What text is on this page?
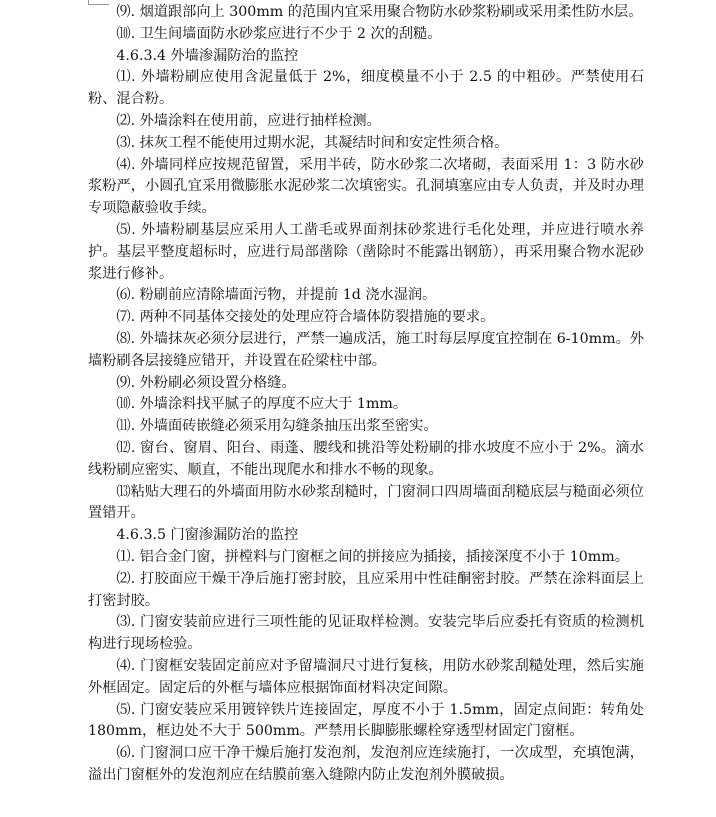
⑼. 烟道跟部向上 300mm 的范围内宜采用聚合物防水砂浆粉刷或采用柔性防水层。

⑽. 卫生间墙面防水砂浆应进行不少于 2 次的刮糙。

4.6.3.4 外墙渗漏防治的监控

⑴. 外墙粉刷应使用含泥量低于 2%，细度模量不小于 2.5 的中粗砂。严禁使用石粉、混合粉。

⑵. 外墙涂料在使用前，应进行抽样检测。

⑶. 抹灰工程不能使用过期水泥，其凝结时间和安定性须合格。

⑷. 外墙同样应按规范留置，采用半砖，防水砂浆二次堵砌，表面采用 1：3 防水砂浆粉严，小圆孔宜采用微膨胀水泥砂浆二次填密实。孔洞填塞应由专人负责，并及时办理专项隐蔽验收手续。

⑸. 外墙粉刷基层应采用人工凿毛或界面剂抹砂浆进行毛化处理，并应进行喷水养护。基层平整度超标时，应进行局部凿除（凿除时不能露出钢筋），再采用聚合物水泥砂浆进行修补。

⑹. 粉刷前应清除墙面污物，并提前 1d 浇水湿润。

⑺. 两种不同基体交接处的处理应符合墙体防裂措施的要求。

⑻. 外墙抹灰必须分层进行，严禁一遍成活，施工时每层厚度宜控制在 6-10mm。外墙粉刷各层接缝应错开，并设置在砼梁柱中部。

⑼. 外粉刷必须设置分格缝。

⑽. 外墙涂料找平腻子的厚度不应大于 1mm。

⑾. 外墙面砖嵌缝必须采用勾缝条抽压出浆至密实。

⑿. 窗台、窗眉、阳台、雨蓬、腰线和挑沿等处粉刷的排水坡度不应小于 2%。滴水线粉刷应密实、顺直，不能出现爬水和排水不畅的现象。

⒀粘贴大理石的外墙面用防水砂浆刮糙时，门窗洞口四周墙面刮糙底层与糙面必须位置错开。

4.6.3.5 门窗渗漏防治的监控

⑴. 铝合金门窗，拼樘料与门窗框之间的拼接应为插接，插接深度不小于 10mm。

⑵. 打胶面应干燥干净后施打密封胶，且应采用中性硅酮密封胶。严禁在涂料面层上打密封胶。

⑶. 门窗安装前应进行三项性能的见证取样检测。安装完毕后应委托有资质的检测机构进行现场检验。

⑷. 门窗框安装固定前应对予留墙洞尺寸进行复核，用防水砂浆刮糙处理，然后实施外框固定。固定后的外框与墙体应根据饰面材料决定间隙。

⑸. 门窗安装应采用镀锌铁片连接固定，厚度不小于 1.5mm，固定点间距：转角处 180mm，框边处不大于 500mm。严禁用长脚膨胀螺栓穿透型材固定门窗框。

⑹. 门窗洞口应干净干燥后施打发泡剂，发泡剂应连续施打，一次成型，充填饱满，溢出门窗框外的发泡剂应在结膜前塞入缝隙内防止发泡剂外膜破损。
